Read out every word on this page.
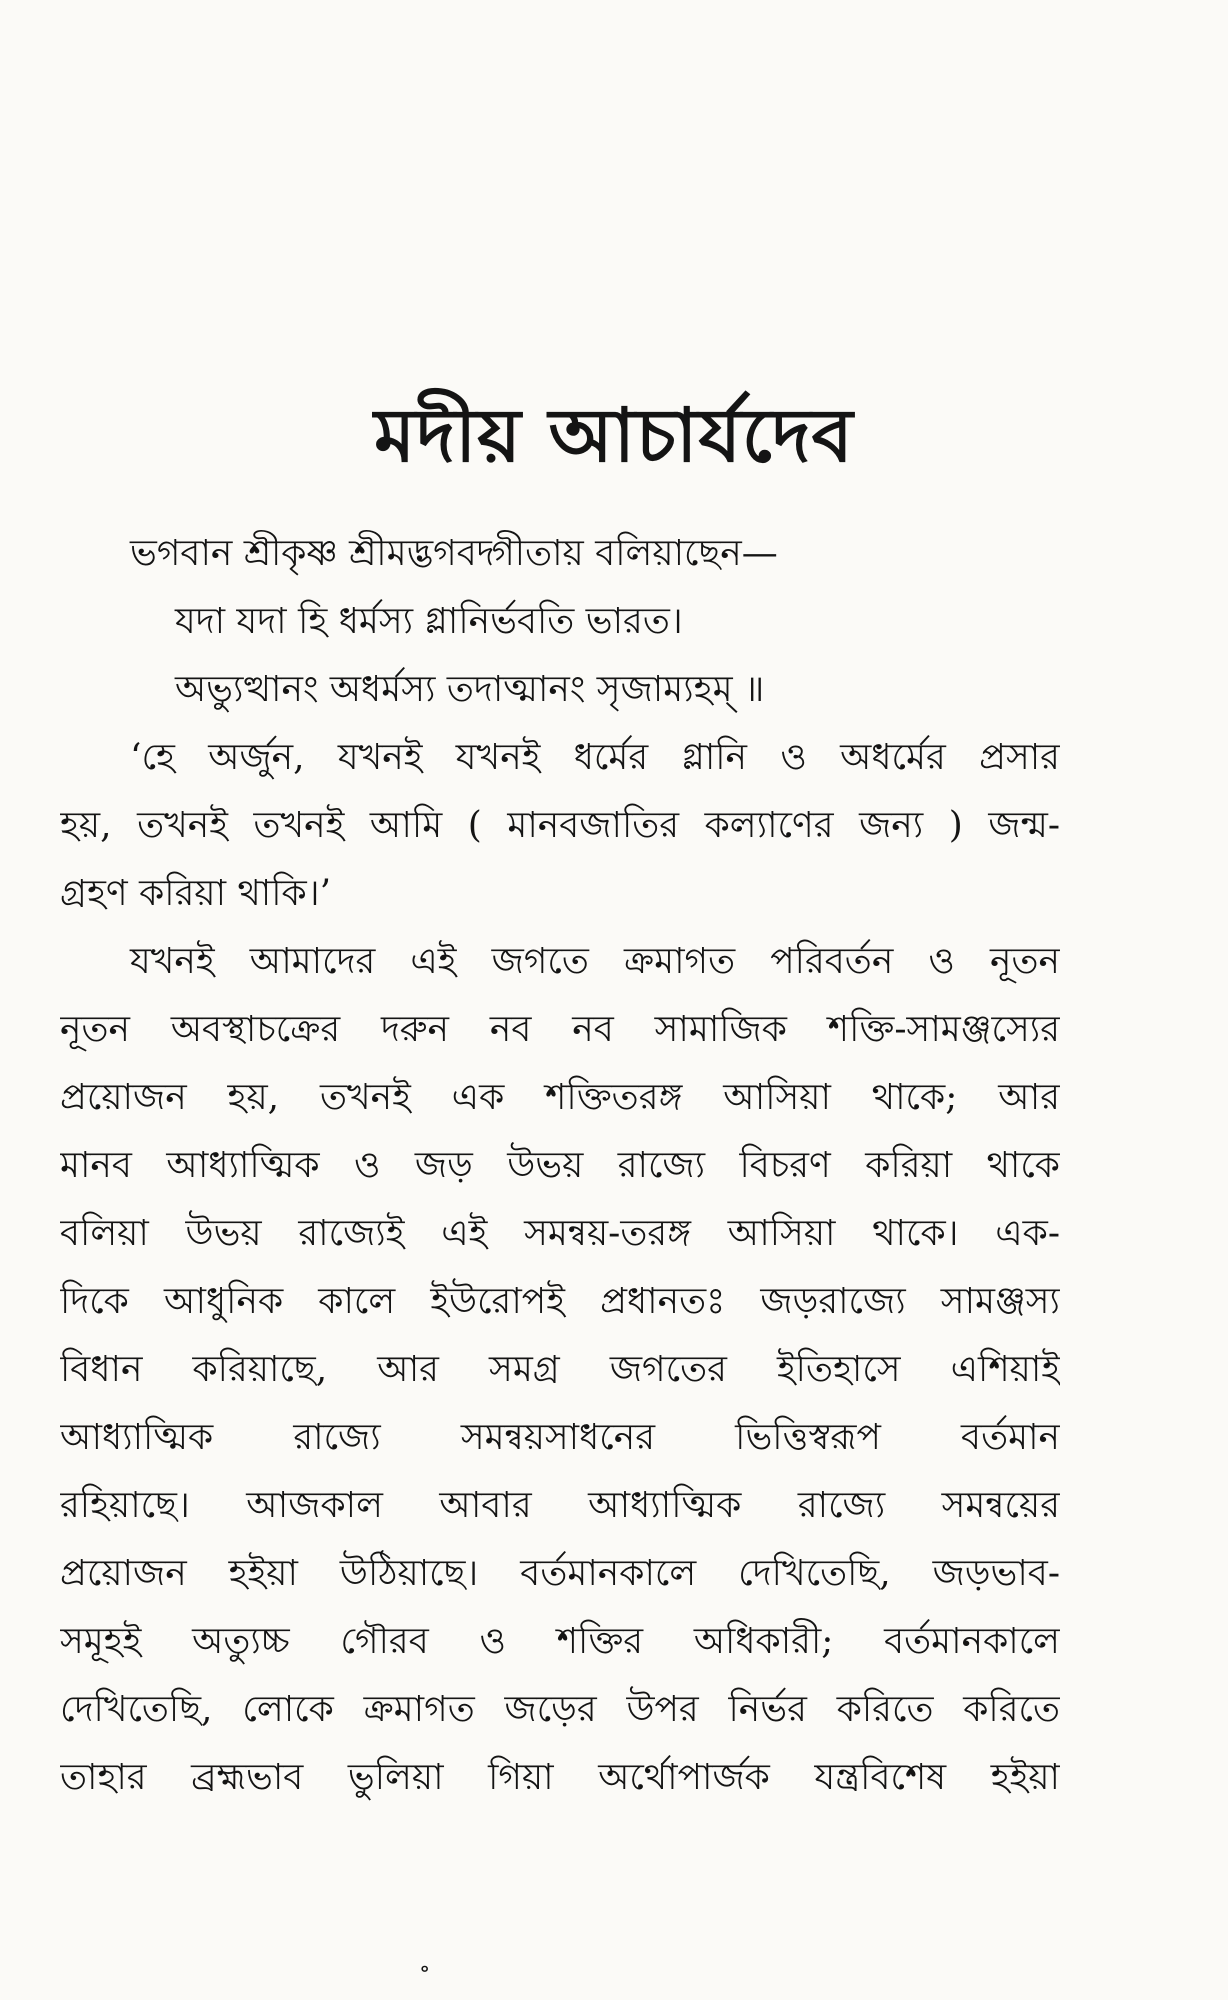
মদীয় আচার্যদেব
ভগবান শ্রীকৃষ্ণ শ্রীমদ্ভগবদ্গীতায় বলিয়াছেন—
যদা যদা হি ধর্মস্য গ্লানির্ভবতি ভারত।
অভ্যুত্থানং অধর্মস্য তদাত্মানং সৃজাম্যহম্ ॥
‘হে অর্জুন, যখনই যখনই ধর্মের গ্লানি ও অধর্মের প্রসার
হয়, তখনই তখনই আমি ( মানবজাতির কল্যাণের জন্য ) জন্ম-
গ্রহণ করিয়া থাকি।’
যখনই আমাদের এই জগতে ক্রমাগত পরিবর্তন ও নূতন
নূতন অবস্থাচক্রের দরুন নব নব সামাজিক শক্তি-সামঞ্জস্যের
প্রয়োজন হয়, তখনই এক শক্তিতরঙ্গ আসিয়া থাকে; আর
মানব আধ্যাত্মিক ও জড় উভয় রাজ্যে বিচরণ করিয়া থাকে
বলিয়া উভয় রাজ্যেই এই সমন্বয়-তরঙ্গ আসিয়া থাকে। এক-
দিকে আধুনিক কালে ইউরোপই প্রধানতঃ জড়রাজ্যে সামঞ্জস্য
বিধান করিয়াছে, আর সমগ্র জগতের ইতিহাসে এশিয়াই
আধ্যাত্মিক রাজ্যে সমন্বয়সাধনের ভিত্তিস্বরূপ বর্তমান
রহিয়াছে। আজকাল আবার আধ্যাত্মিক রাজ্যে সমন্বয়ের
প্রয়োজন হইয়া উঠিয়াছে। বর্তমানকালে দেখিতেছি, জড়ভাব-
সমূহই অত্যুচ্চ গৌরব ও শক্তির অধিকারী; বর্তমানকালে
দেখিতেছি, লোকে ক্রমাগত জড়ের উপর নির্ভর করিতে করিতে
তাহার ব্রহ্মভাব ভুলিয়া গিয়া অর্থোপার্জক যন্ত্রবিশেষ হইয়া
॰
